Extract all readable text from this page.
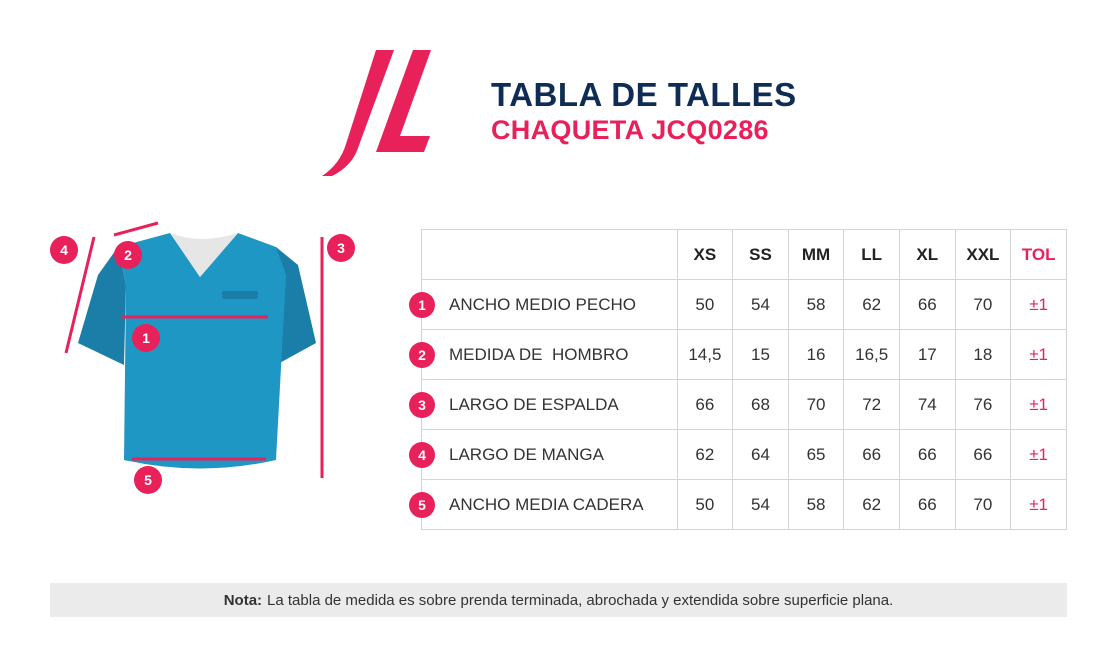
TABLA DE TALLES
CHAQUETA JCQ0286
1
2	3
4
5
	XS	SS	MM	LL	XL	XXL	TOL

1 ANCHO MEDIO PECHO	50	54	58	62	66	70	±1

2 MEDIDA DE  HOMBRO	14,5	15	16	16,5	17	18	±1

3 LARGO DE ESPALDA	66	68	70	72	74	76	±1

4 LARGO DE MANGA	62	64	65	66	66	66	±1

5 ANCHO MEDIA CADERA	50	54	58	62	66	70	±1
Nota: La tabla de medida es sobre prenda terminada, abrochada y extendida sobre superficie plana.
